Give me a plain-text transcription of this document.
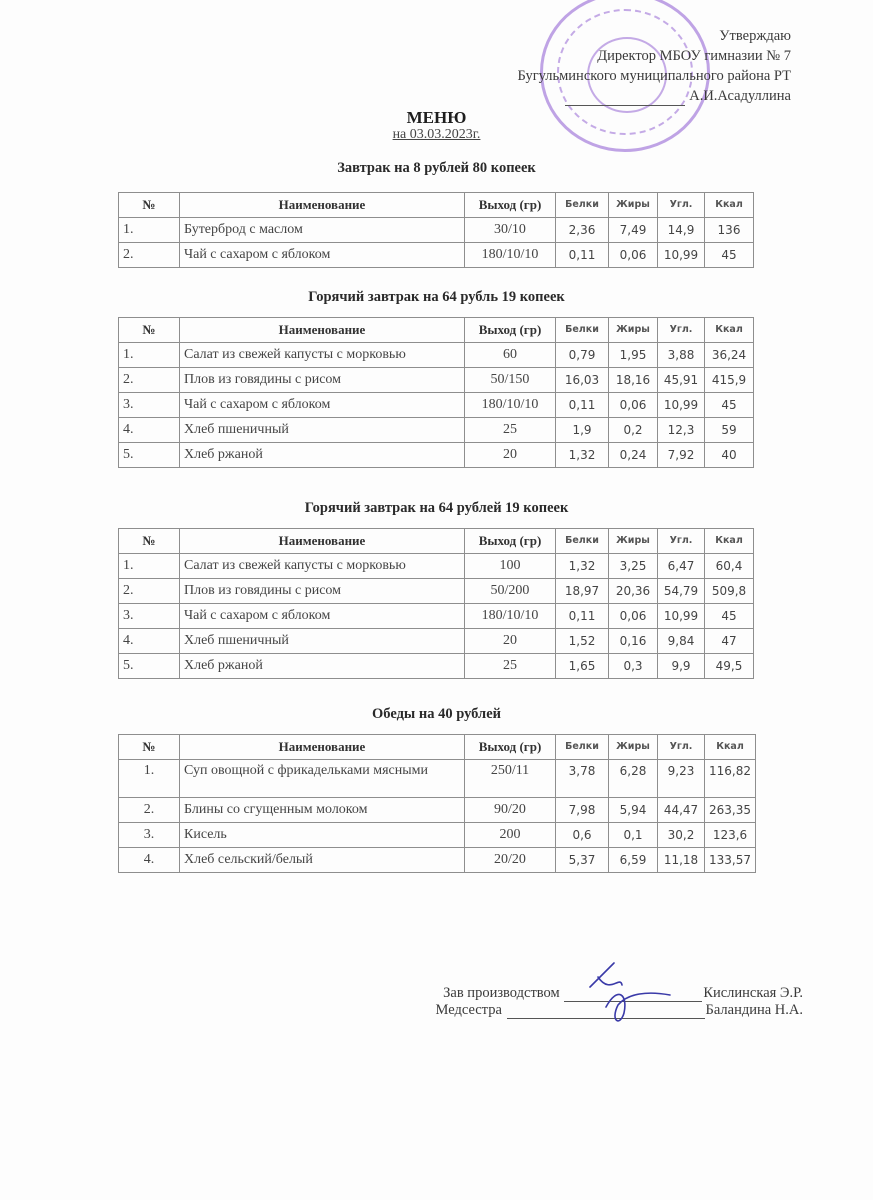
Утверждаю
Директор МБОУ гимназии № 7
Бугульминского муниципального района РТ
А.И.Асадуллина
МЕНЮ
на 03.03.2023г.
Завтрак на 8 рублей 80 копеек
№	Наименование	Выход (гр)	Белки	Жиры	Угл.	Ккал
1.	Бутерброд с маслом	30/10	2,36	7,49	14,9	136
2.	Чай с сахаром с яблоком	180/10/10	0,11	0,06	10,99	45
Горячий завтрак на 64 рубль 19 копеек
№	Наименование	Выход (гр)	Белки	Жиры	Угл.	Ккал
1.	Салат из свежей капусты с морковью	60	0,79	1,95	3,88	36,24
2.	Плов из говядины с рисом	50/150	16,03	18,16	45,91	415,9
3.	Чай с сахаром с яблоком	180/10/10	0,11	0,06	10,99	45
4.	Хлеб пшеничный	25	1,9	0,2	12,3	59
5.	Хлеб ржаной	20	1,32	0,24	7,92	40
Горячий завтрак на 64 рублей 19 копеек
№	Наименование	Выход (гр)	Белки	Жиры	Угл.	Ккал
1.	Салат из свежей капусты с морковью	100	1,32	3,25	6,47	60,4
2.	Плов из говядины с рисом	50/200	18,97	20,36	54,79	509,8
3.	Чай с сахаром с яблоком	180/10/10	0,11	0,06	10,99	45
4.	Хлеб пшеничный	20	1,52	0,16	9,84	47
5.	Хлеб ржаной	25	1,65	0,3	9,9	49,5
Обеды на 40 рублей
№	Наименование	Выход (гр)	Белки	Жиры	Угл.	Ккал
1.	Суп овощной с фрикадельками мясными	250/11	3,78	6,28	9,23	116,82
2.	Блины со сгущенным молоком	90/20	7,98	5,94	44,47	263,35
3.	Кисель	200	0,6	0,1	30,2	123,6
4.	Хлеб сельский/белый	20/20	5,37	6,59	11,18	133,57
Зав производством	Кислинская Э.Р.
Медсестра	Баландина Н.А.
